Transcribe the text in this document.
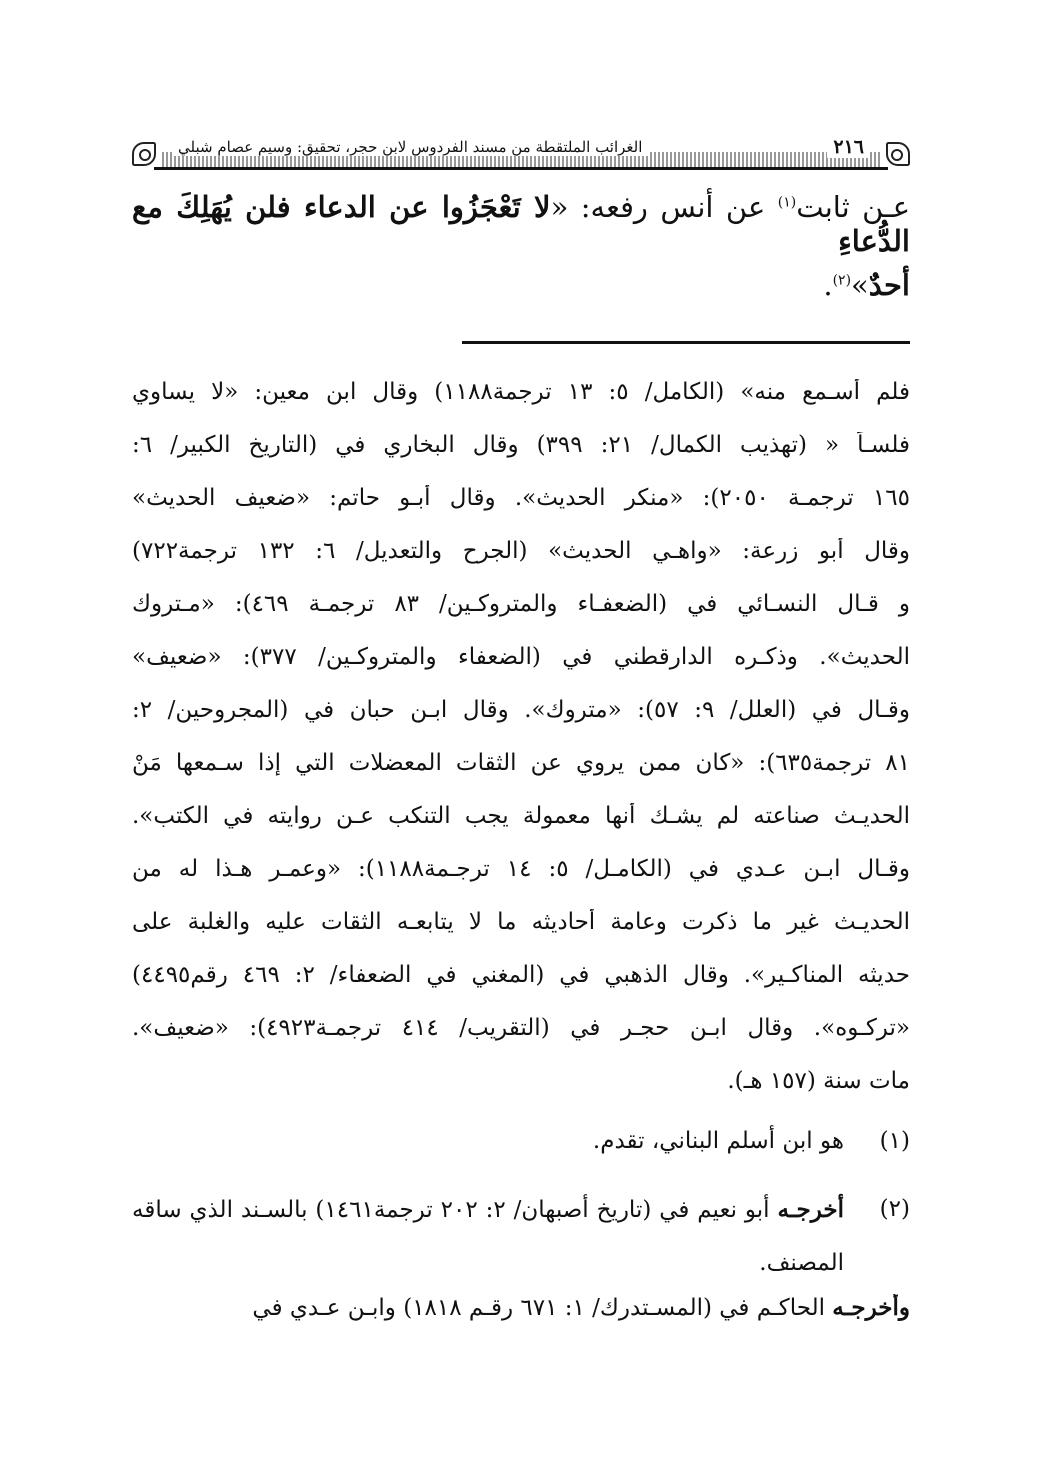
٢١٦
الغرائب الملتقطة من مسند الفردوس لابن حجر، تحقيق: وسيم عصام شبلي
عـن ثابت$^{(١)}$ عن أنس رفعه: «لا تَعْجَزُوا عن الدعاء فلن يُهَلِكَ مع الدُّعاءِ
أحدٌ»$^{(٢)}$.
فلم أسـمع منه» (الكامل/ ٥: ١٣ ترجمة١١٨٨) وقال ابن معين: «لا يساوي
فلسـاً « (تهذيب الكمال/ ٢١: ٣٩٩) وقال البخاري في (التاريخ الكبير/ ٦:
١٦٥ ترجمـة ٢٠٥٠): «منكر الحديث». وقال أبـو حاتم: «ضعيف الحديث»
وقال أبو زرعة: «واهـي الحديث» (الجرح والتعديل/ ٦: ١٣٢ ترجمة٧٢٢)
و قـال النسـائي في (الضعفـاء والمتروكـين/ ٨٣ ترجمـة ٤٦٩): «مـتروك
الحديث». وذكـره الدارقطني في (الضعفاء والمتروكـين/ ٣٧٧): «ضعيف»
وقـال في (العلل/ ٩: ٥٧): «متروك». وقال ابـن حبان في (المجروحين/ ٢:
٨١ ترجمة٦٣٥): «كان ممن يروي عن الثقات المعضلات التي إذا سـمعها مَنْ
الحديـث صناعته لم يشـك أنها معمولة يجب التنكب عـن روايته في الكتب».
وقـال ابـن عـدي في (الكامـل/ ٥: ١٤ ترجـمة١١٨٨): «وعمـر هـذا له من
الحديـث غير ما ذكرت وعامة أحاديثه ما لا يتابعـه الثقات عليه والغلبة على
حديثه المناكـير». وقال الذهبي في (المغني في الضعفاء/ ٢: ٤٦٩ رقم٤٤٩٥)
«تركـوه». وقال ابـن حجـر في (التقريب/ ٤١٤ ترجمـة٤٩٢٣): «ضعيف».
مات سنة (١٥٧ هـ).
(١)
هو ابن أسلم البناني، تقدم.
(٢)
أخرجـه أبو نعيم في (تاريخ أصبهان/ ٢: ٢٠٢ ترجمة١٤٦١) بالسـند الذي ساقه المصنف.
وأخرجـه الحاكـم في (المسـتدرك/ ١: ٦٧١ رقـم ١٨١٨) وابـن عـدي في
